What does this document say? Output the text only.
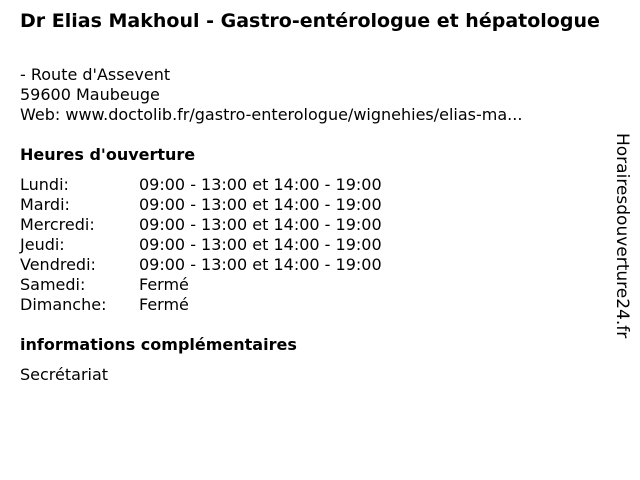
Dr Elias Makhoul - Gastro-entérologue et hépatologue
- Route d'Assevent
59600 Maubeuge
Web: www.doctolib.fr/gastro-enterologue/wignehies/elias-ma...
Heures d'ouverture
Lundi:	09:00 - 13:00 et 14:00 - 19:00
Mardi:	09:00 - 13:00 et 14:00 - 19:00
Mercredi:	09:00 - 13:00 et 14:00 - 19:00
Jeudi:	09:00 - 13:00 et 14:00 - 19:00
Vendredi:	09:00 - 13:00 et 14:00 - 19:00
Samedi:	Fermé
Dimanche:	Fermé
informations complémentaires
Secrétariat
Horairesdouverture24.fr
